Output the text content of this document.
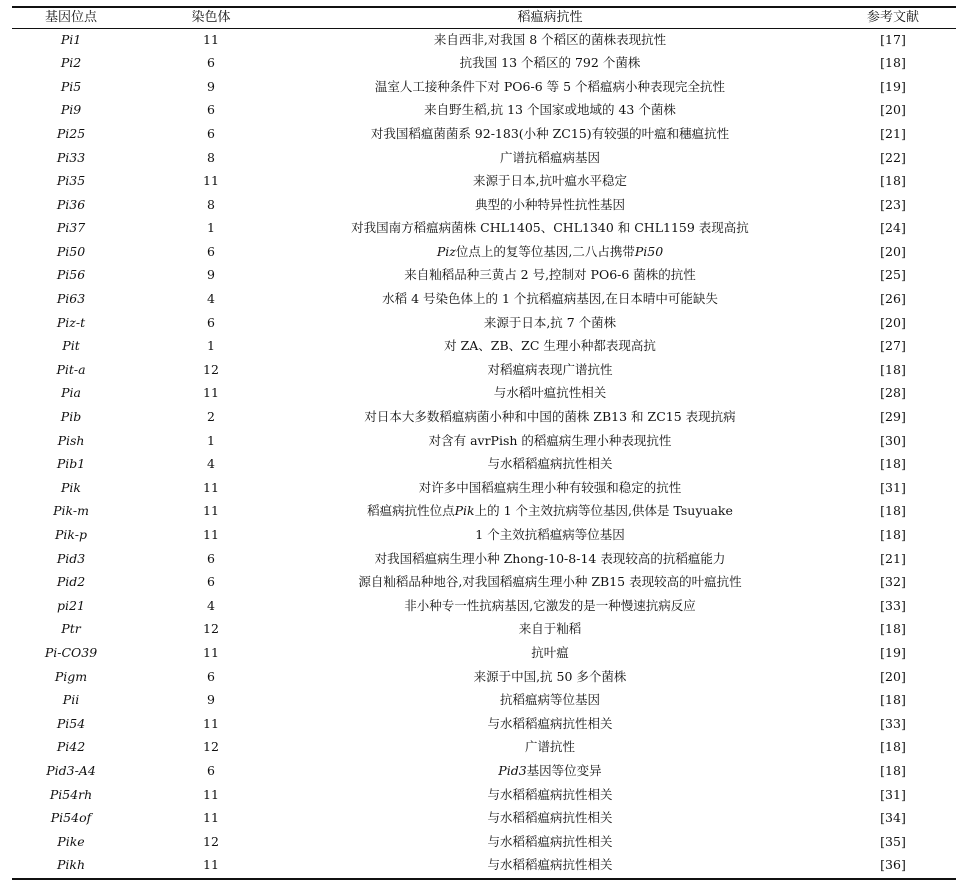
基因位点	染色体	稻瘟病抗性	参考文献
Pi1	11	来自西非,对我国 8 个稻区的菌株表现抗性	[17]
Pi2	6	抗我国 13 个稻区的 792 个菌株	[18]
Pi5	9	温室人工接种条件下对 PO6-6 等 5 个稻瘟病小种表现完全抗性	[19]
Pi9	6	来自野生稻,抗 13 个国家或地域的 43 个菌株	[20]
Pi25	6	对我国稻瘟菌菌系 92-183(小种 ZC15)有较强的叶瘟和穗瘟抗性	[21]
Pi33	8	广谱抗稻瘟病基因	[22]
Pi35	11	来源于日本,抗叶瘟水平稳定	[18]
Pi36	8	典型的小种特异性抗性基因	[23]
Pi37	1	对我国南方稻瘟病菌株 CHL1405、CHL1340 和 CHL1159 表现高抗	[24]
Pi50	6	Piz 位点上的复等位基因,二八占携带 Pi50	[20]
Pi56	9	来自籼稻品种三黄占 2 号,控制对 PO6-6 菌株的抗性	[25]
Pi63	4	水稻 4 号染色体上的 1 个抗稻瘟病基因,在日本晴中可能缺失	[26]
Piz-t	6	来源于日本,抗 7 个菌株	[20]
Pit	1	对 ZA、ZB、ZC 生理小种都表现高抗	[27]
Pit-a	12	对稻瘟病表现广谱抗性	[18]
Pia	11	与水稻叶瘟抗性相关	[28]
Pib	2	对日本大多数稻瘟病菌小种和中国的菌株 ZB13 和 ZC15 表现抗病	[29]
Pish	1	对含有 avrPish 的稻瘟病生理小种表现抗性	[30]
Pib1	4	与水稻稻瘟病抗性相关	[18]
Pik	11	对许多中国稻瘟病生理小种有较强和稳定的抗性	[31]
Pik-m	11	稻瘟病抗性位点 Pik 上的 1 个主效抗病等位基因,供体是 Tsuyuake	[18]
Pik-p	11	1 个主效抗稻瘟病等位基因	[18]
Pid3	6	对我国稻瘟病生理小种 Zhong-10-8-14 表现较高的抗稻瘟能力	[21]
Pid2	6	源自籼稻品种地谷,对我国稻瘟病生理小种 ZB15 表现较高的叶瘟抗性	[32]
pi21	4	非小种专一性抗病基因,它激发的是一种慢速抗病反应	[33]
Ptr	12	来自于籼稻	[18]
Pi-CO39	11	抗叶瘟	[19]
Pigm	6	来源于中国,抗 50 多个菌株	[20]
Pii	9	抗稻瘟病等位基因	[18]
Pi54	11	与水稻稻瘟病抗性相关	[33]
Pi42	12	广谱抗性	[18]
Pid3-A4	6	Pid3 基因等位变异	[18]
Pi54rh	11	与水稻稻瘟病抗性相关	[31]
Pi54of	11	与水稻稻瘟病抗性相关	[34]
Pike	12	与水稻稻瘟病抗性相关	[35]
Pikh	11	与水稻稻瘟病抗性相关	[36]
